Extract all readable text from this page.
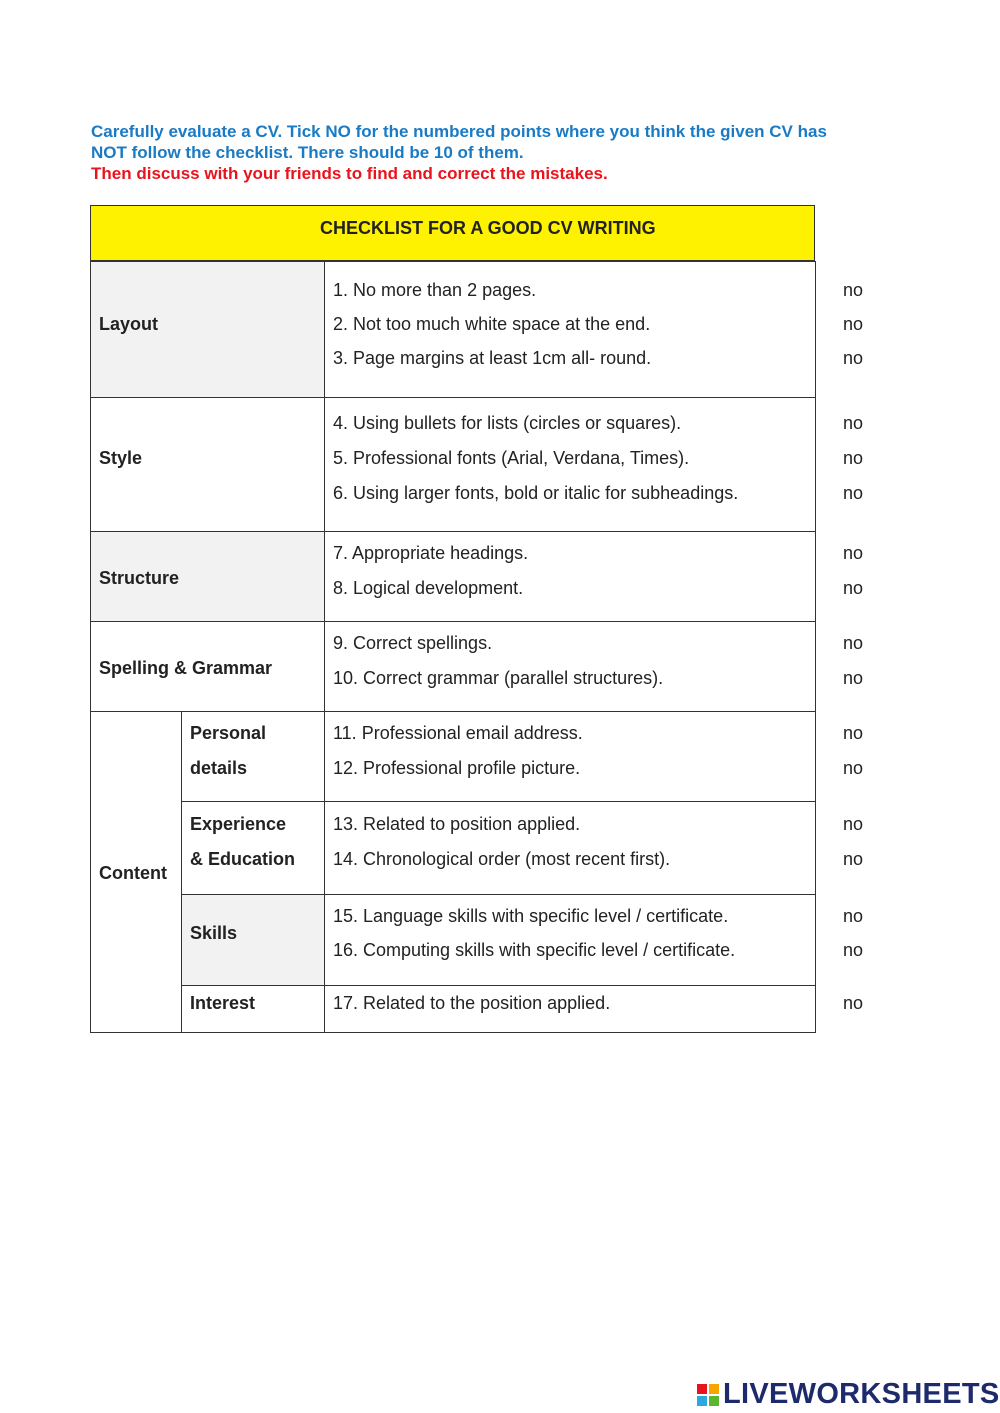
Carefully evaluate a CV. Tick NO for the numbered points where you think the given CV has
NOT follow the checklist. There should be 10 of them.
Then discuss with your friends to find and correct the mistakes.
CHECKLIST FOR A GOOD CV WRITING
Layout
Style
Structure
Spelling & Grammar
Content
Personal
details
Experience
& Education
Skills
Interest
1. No more than 2 pages.
2. Not too much white space at the end.
3. Page margins at least 1cm all- round.
4. Using bullets for lists (circles or squares).
5. Professional fonts (Arial, Verdana, Times).
6. Using larger fonts, bold or italic for subheadings.
7. Appropriate headings.
8. Logical development.
9. Correct spellings.
10. Correct grammar (parallel structures).
11. Professional email address.
12. Professional profile picture.
13. Related to position applied.
14. Chronological order (most recent first).
15. Language skills with specific level / certificate.
16. Computing skills with specific level / certificate.
17. Related to the position applied.
no
no
no
no
no
no
no
no
no
no
no
no
no
no
no
no
no
LIVEWORKSHEETS
